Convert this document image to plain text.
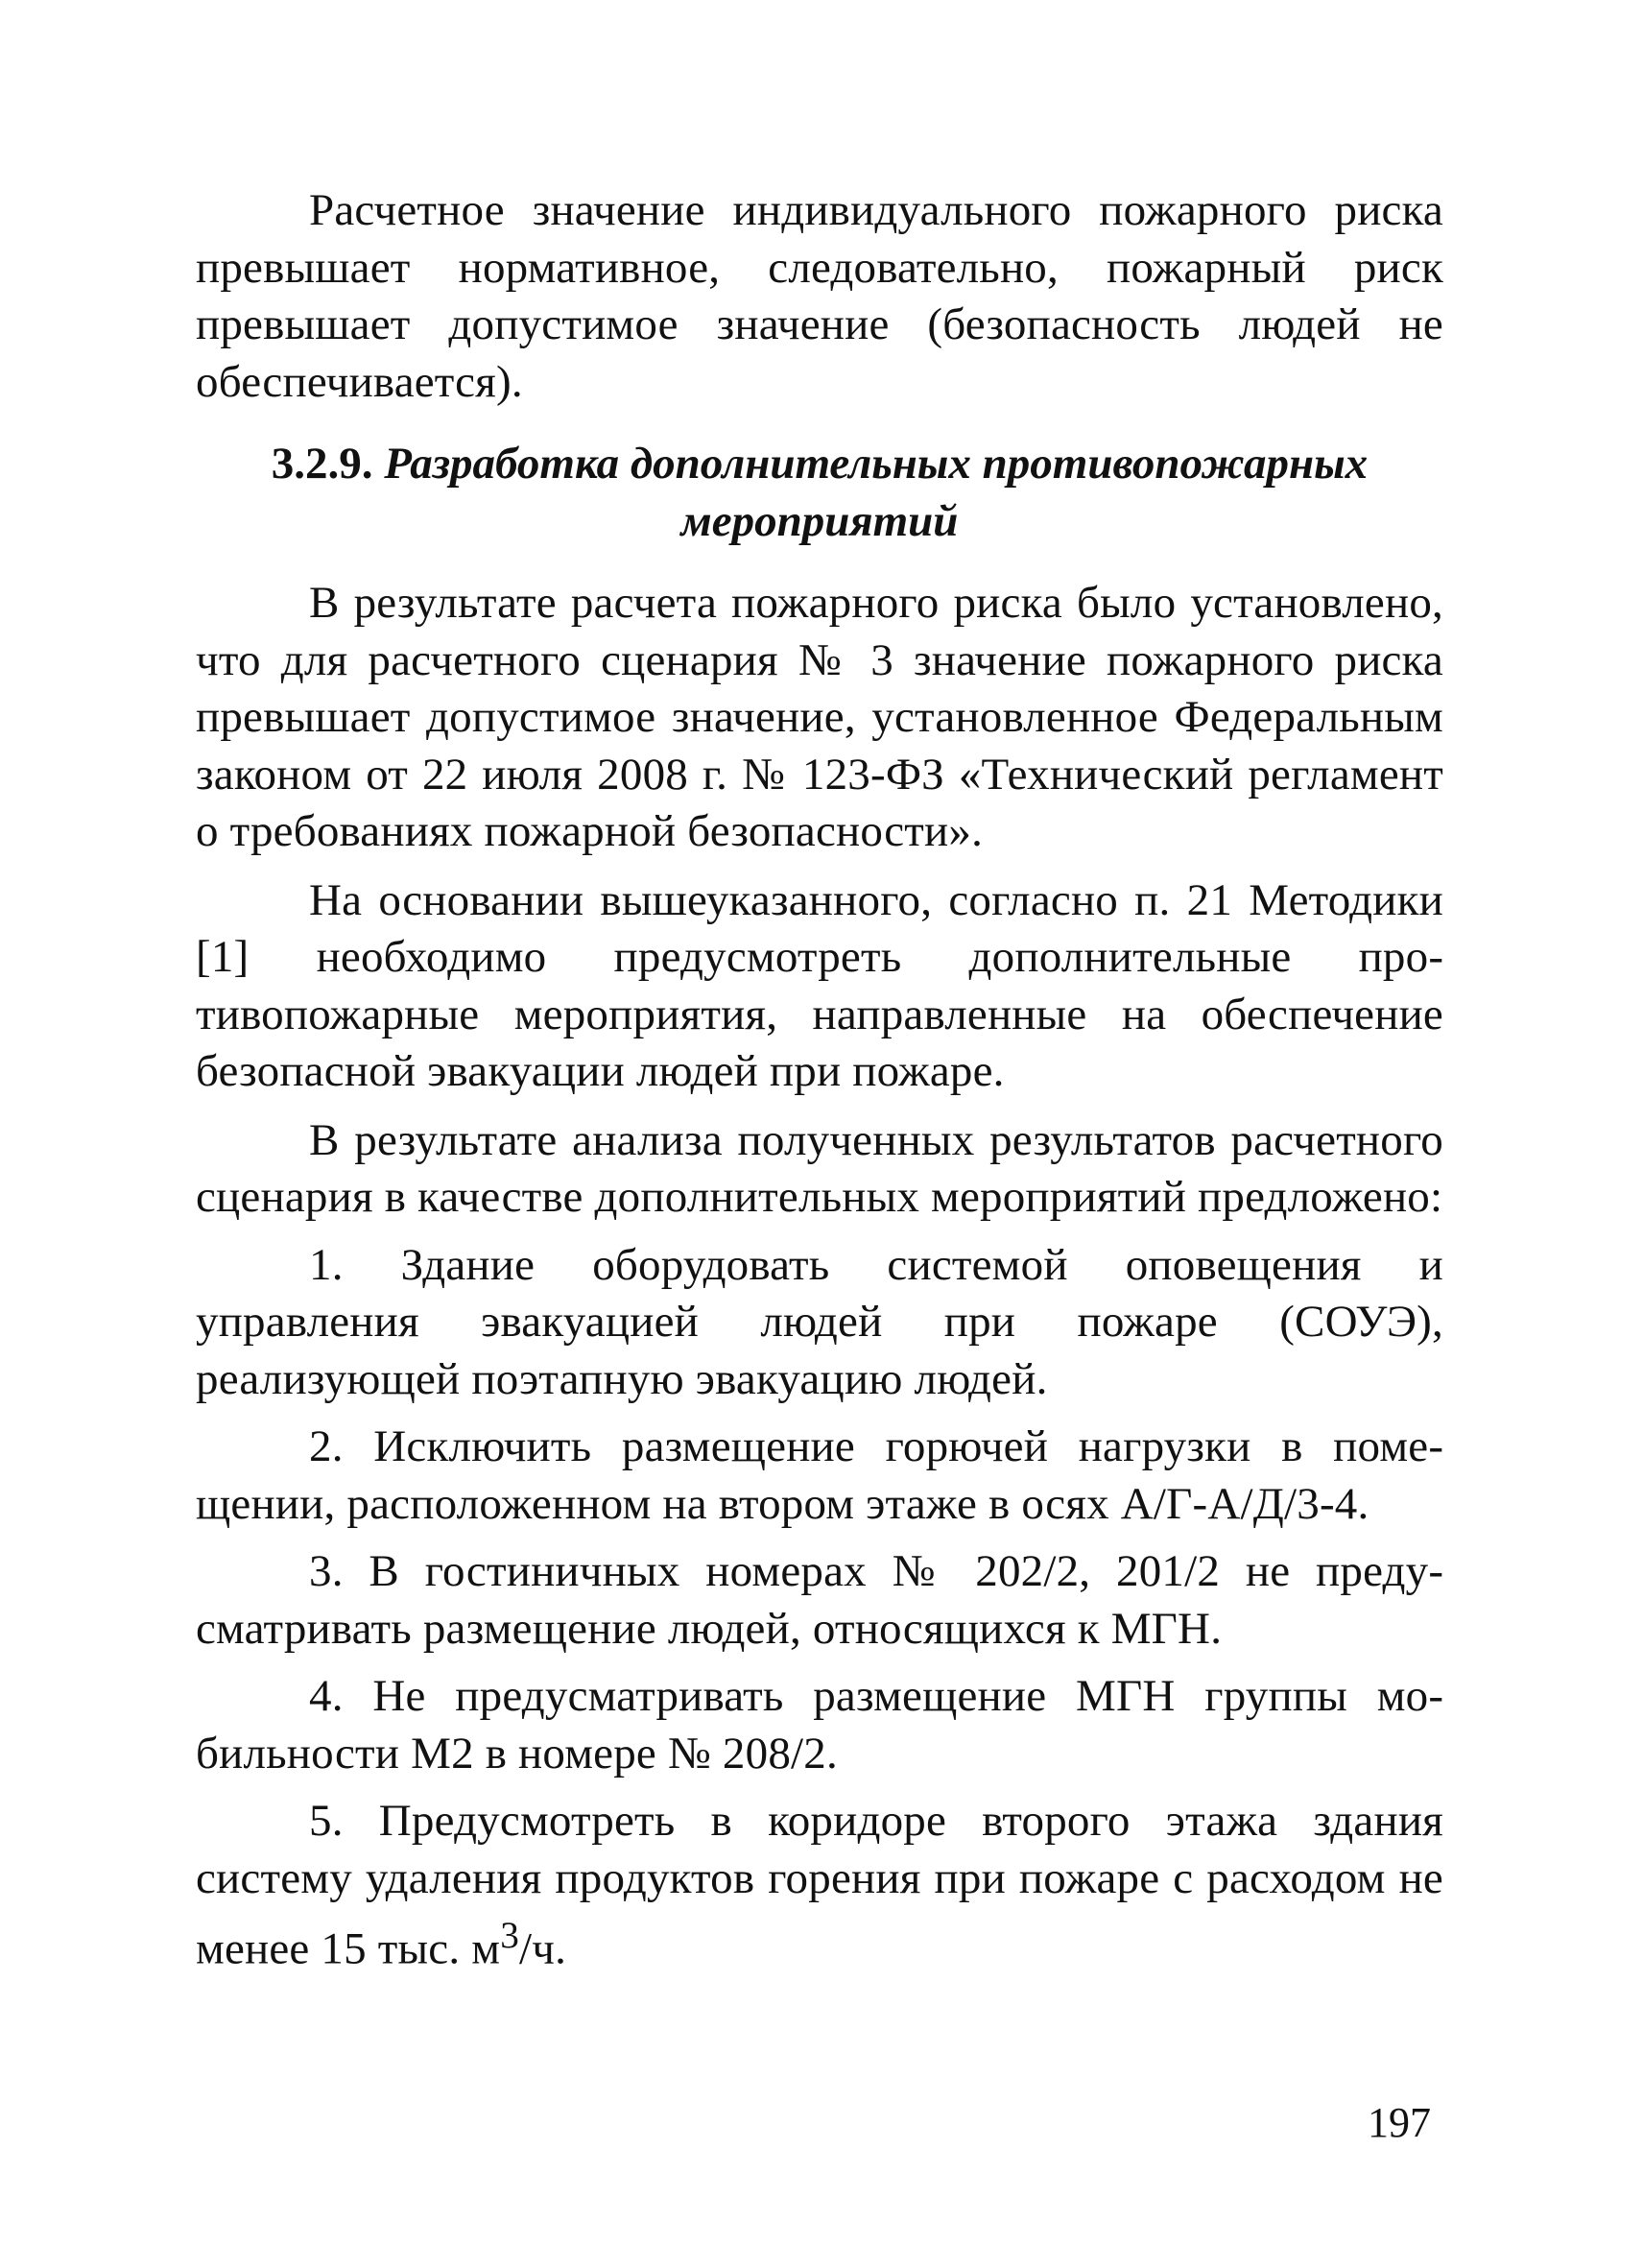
Расчетное значение индивидуального пожарного риска превышает нормативное, следовательно, пожарный риск превышает допустимое значение (безопасность людей не обеспечивается).

3.2.9. Разработка дополнительных противопожарных мероприятий

В результате расчета пожарного риска было установлено, что для расчетного сценария № 3 значение пожарного риска превышает допустимое значение, установленное Федеральным законом от 22 июля 2008 г. № 123-ФЗ «Технический регламент о требованиях пожарной безопасности».

На основании вышеуказанного, согласно п. 21 Методики [1] необходимо предусмотреть дополнительные противопожарные мероприятия, направленные на обеспечение безопасной эвакуации людей при пожаре.

В результате анализа полученных результатов расчетного сценария в качестве дополнительных мероприятий предложено:

1. Здание оборудовать системой оповещения и управления эвакуацией людей при пожаре (СОУЭ), реализующей поэтапную эвакуацию людей.

2. Исключить размещение горючей нагрузки в помещении, расположенном на втором этаже в осях А/Г-А/Д/3-4.

3. В гостиничных номерах № 202/2, 201/2 не предусматривать размещение людей, относящихся к МГН.

4. Не предусматривать размещение МГН группы мобильности М2 в номере № 208/2.

5. Предусмотреть в коридоре второго этажа здания систему удаления продуктов горения при пожаре с расходом не менее 15 тыс. $м^3/ч$.

197
